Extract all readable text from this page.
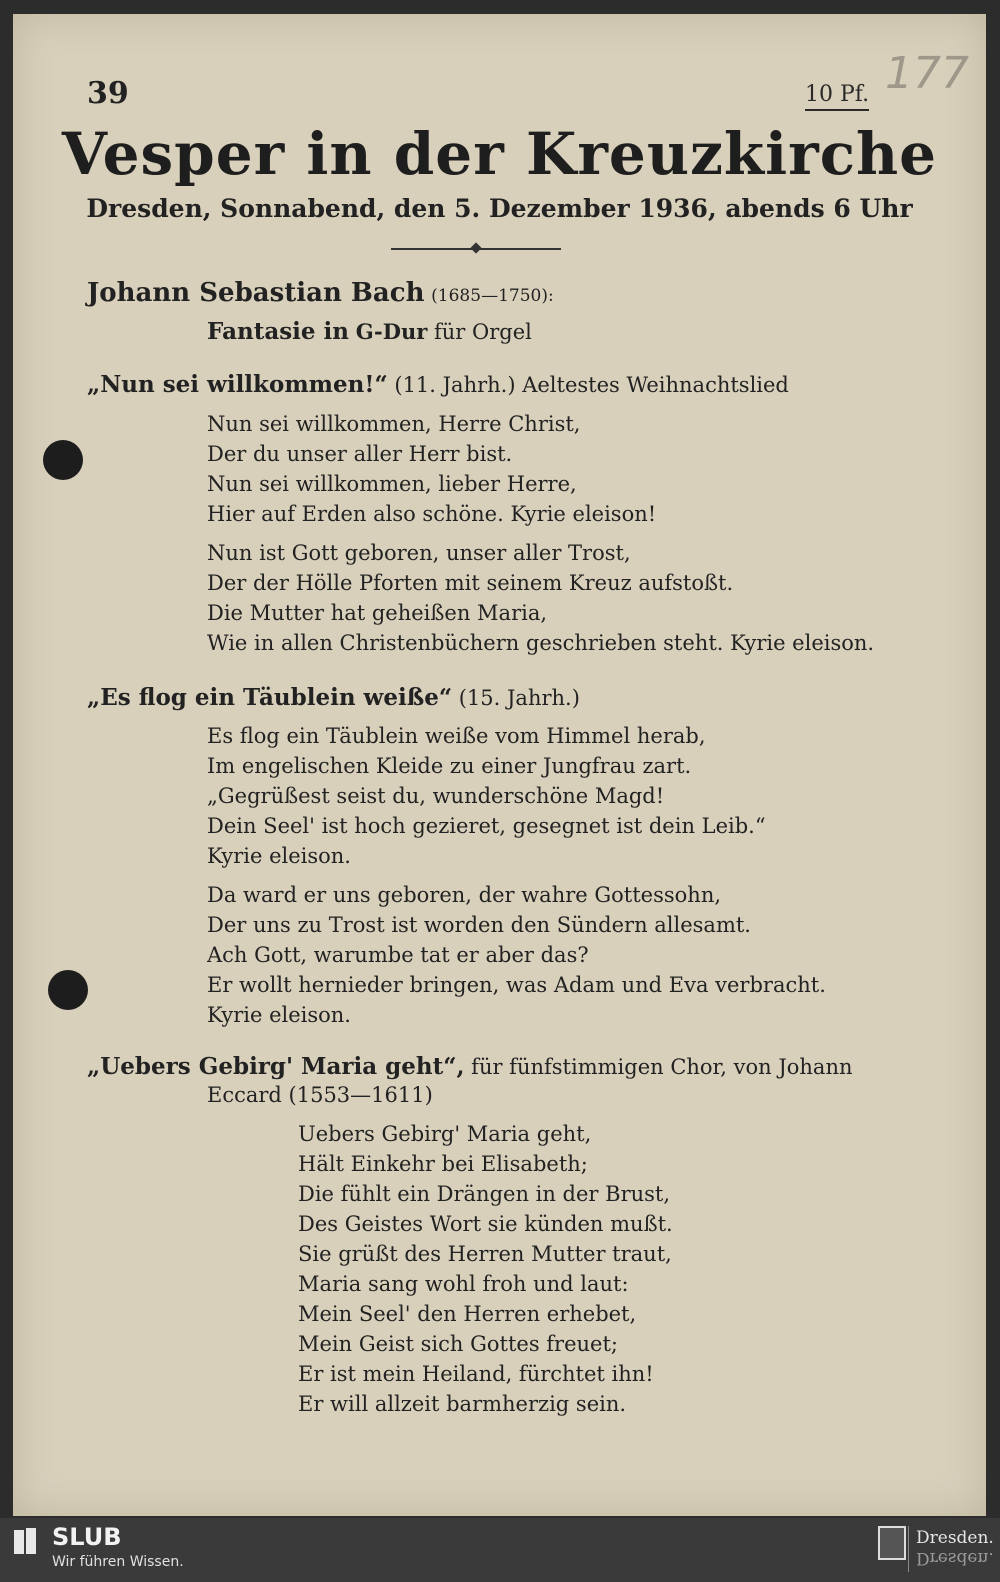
39	10 Pf. 177
Vesper in der Kreuzkirche
Dresden, Sonnabend, den 5. Dezember 1936, abends 6 Uhr
Johann Sebastian Bach (1685—1750):
Fantasie in G-Dur für Orgel
„Nun sei willkommen!“ (11. Jahrh.) Aeltestes Weihnachtslied
Nun sei willkommen, Herre Christ,
Der du unser aller Herr bist.
Nun sei willkommen, lieber Herre,
Hier auf Erden also schöne. Kyrie eleison!
Nun ist Gott geboren, unser aller Trost,
Der der Hölle Pforten mit seinem Kreuz aufstoßt.
Die Mutter hat geheißen Maria,
Wie in allen Christenbüchern geschrieben steht. Kyrie eleison.
„Es flog ein Täublein weiße“ (15. Jahrh.)
Es flog ein Täublein weiße vom Himmel herab,
Im engelischen Kleide zu einer Jungfrau zart.
„Gegrüßest seist du, wunderschöne Magd!
Dein Seel' ist hoch gezieret, gesegnet ist dein Leib.“
Kyrie eleison.
Da ward er uns geboren, der wahre Gottessohn,
Der uns zu Trost ist worden den Sündern allesamt.
Ach Gott, warumbe tat er aber das?
Er wollt hernieder bringen, was Adam und Eva verbracht.
Kyrie eleison.
„Uebers Gebirg' Maria geht“, für fünfstimmigen Chor, von Johann
Eccard (1553—1611)
Uebers Gebirg' Maria geht,
Hält Einkehr bei Elisabeth;
Die fühlt ein Drängen in der Brust,
Des Geistes Wort sie künden mußt.
Sie grüßt des Herren Mutter traut,
Maria sang wohl froh und laut:
Mein Seel' den Herren erhebet,
Mein Geist sich Gottes freuet;
Er ist mein Heiland, fürchtet ihn!
Er will allzeit barmherzig sein.
SLUB
Wir führen Wissen.
Dresden.
Dresden.
